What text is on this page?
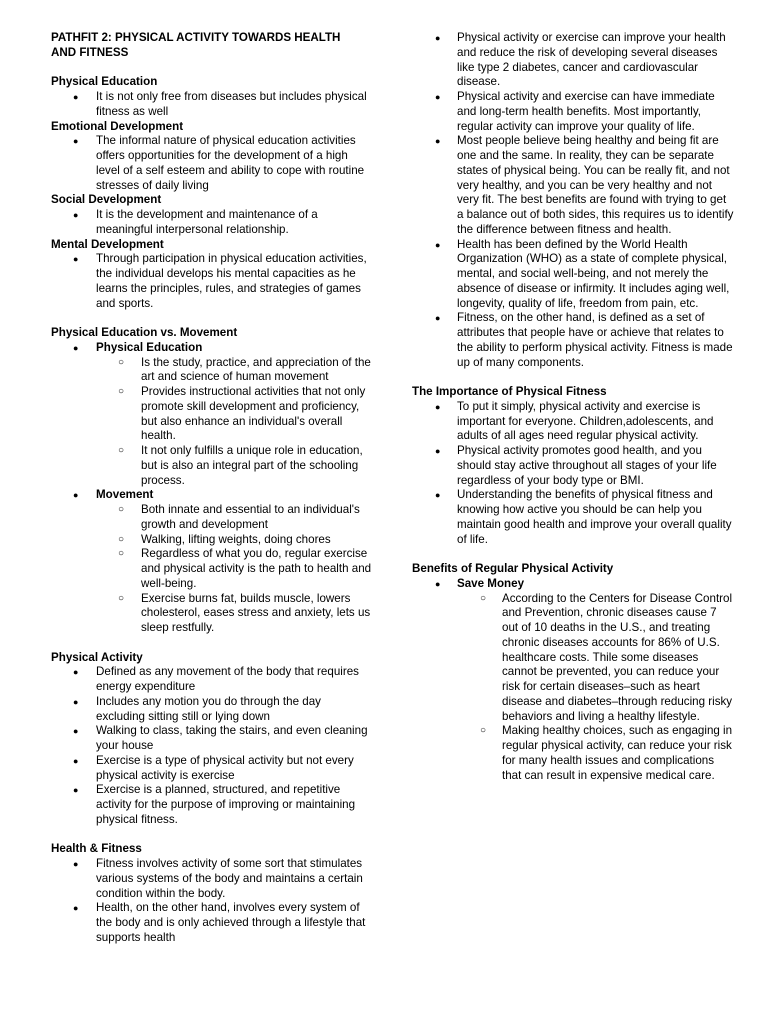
PATHFIT 2: PHYSICAL ACTIVITY TOWARDS HEALTH AND FITNESS
Physical Education
● It is not only free from diseases but includes physical fitness as well
Emotional Development
● The informal nature of physical education activities offers opportunities for the development of a high level of a self esteem and ability to cope with routine stresses of daily living
Social Development
● It is the development and maintenance of a meaningful interpersonal relationship.
Mental Development
● Through participation in physical education activities, the individual develops his mental capacities as he learns the principles, rules, and strategies of games and sports.
Physical Education vs. Movement
● Physical Education
○ Is the study, practice, and appreciation of the art and science of human movement
○ Provides instructional activities that not only promote skill development and proficiency, but also enhance an individual's overall health.
○ It not only fulfills a unique role in education, but is also an integral part of the schooling process.
● Movement
○ Both innate and essential to an individual's growth and development
○ Walking, lifting weights, doing chores
○ Regardless of what you do, regular exercise and physical activity is the path to health and well-being.
○ Exercise burns fat, builds muscle, lowers cholesterol, eases stress and anxiety, lets us sleep restfully.
Physical Activity
● Defined as any movement of the body that requires energy expenditure
● Includes any motion you do through the day excluding sitting still or lying down
● Walking to class, taking the stairs, and even cleaning your house
● Exercise is a type of physical activity but not every physical activity is exercise
● Exercise is a planned, structured, and repetitive activity for the purpose of improving or maintaining physical fitness.
Health & Fitness
● Fitness involves activity of some sort that stimulates various systems of the body and maintains a certain condition within the body.
● Health, on the other hand, involves every system of the body and is only achieved through a lifestyle that supports health
● Physical activity or exercise can improve your health and reduce the risk of developing several diseases like type 2 diabetes, cancer and cardiovascular disease.
● Physical activity and exercise can have immediate and long-term health benefits. Most importantly, regular activity can improve your quality of life.
● Most people believe being healthy and being fit are one and the same. In reality, they can be separate states of physical being. You can be really fit, and not very healthy, and you can be very healthy and not very fit. The best benefits are found with trying to get a balance out of both sides, this requires us to identify the difference between fitness and health.
● Health has been defined by the World Health Organization (WHO) as a state of complete physical, mental, and social well-being, and not merely the absence of disease or infirmity. It includes aging well, longevity, quality of life, freedom from pain, etc.
● Fitness, on the other hand, is defined as a set of attributes that people have or achieve that relates to the ability to perform physical activity. Fitness is made up of many components.
The Importance of Physical Fitness
● To put it simply, physical activity and exercise is important for everyone. Children,adolescents, and adults of all ages need regular physical activity.
● Physical activity promotes good health, and you should stay active throughout all stages of your life regardless of your body type or BMI.
● Understanding the benefits of physical fitness and knowing how active you should be can help you maintain good health and improve your overall quality of life.
Benefits of Regular Physical Activity
● Save Money
○ According to the Centers for Disease Control and Prevention, chronic diseases cause 7 out of 10 deaths in the U.S., and treating chronic diseases accounts for 86% of U.S. healthcare costs. Thile some diseases cannot be prevented, you can reduce your risk for certain diseases–such as heart disease and diabetes–through reducing risky behaviors and living a healthy lifestyle.
○ Making healthy choices, such as engaging in regular physical activity, can reduce your risk for many health issues and complications that can result in expensive medical care.
